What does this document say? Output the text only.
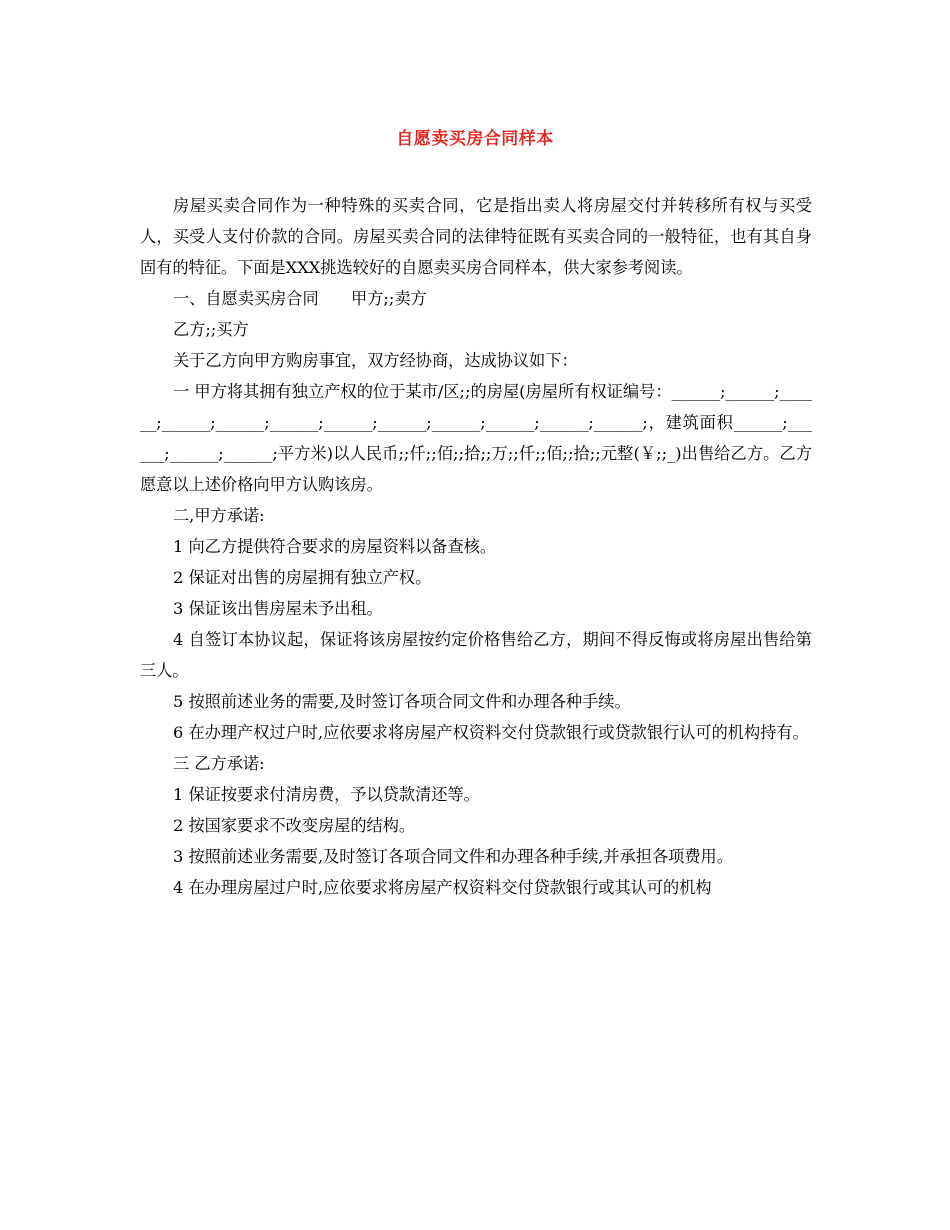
自愿卖买房合同样本

房屋买卖合同作为一种特殊的买卖合同，它是指出卖人将房屋交付并转移所有权与买受人，买受人支付价款的合同。房屋买卖合同的法律特征既有买卖合同的一般特征，也有其自身固有的特征。下面是XXX挑选较好的自愿卖买房合同样本，供大家参考阅读。

一、自愿卖买房合同　　甲方;;卖方

乙方;;买方

关于乙方向甲方购房事宜，双方经协商，达成协议如下：

一 甲方将其拥有独立产权的位于某市/区;;的房屋(房屋所有权证编号：______;______;______;______;______;______;______;______;______;______;______;______;，建筑面积______;______;______;______;平方米)以人民币;;仟;;佰;;拾;;万;;仟;;佰;;拾;;元整(￥;;_)出售给乙方。乙方愿意以上述价格向甲方认购该房。

二,甲方承诺:

1 向乙方提供符合要求的房屋资料以备查核。

2 保证对出售的房屋拥有独立产权。

3 保证该出售房屋未予出租。

4 自签订本协议起，保证将该房屋按约定价格售给乙方，期间不得反悔或将房屋出售给第三人。

5 按照前述业务的需要,及时签订各项合同文件和办理各种手续。

6 在办理产权过户时,应依要求将房屋产权资料交付贷款银行或贷款银行认可的机构持有。

三 乙方承诺:

1 保证按要求付清房费，予以贷款清还等。

2 按国家要求不改变房屋的结构。

3 按照前述业务需要,及时签订各项合同文件和办理各种手续,并承担各项费用。

4 在办理房屋过户时,应依要求将房屋产权资料交付贷款银行或其认可的机构
